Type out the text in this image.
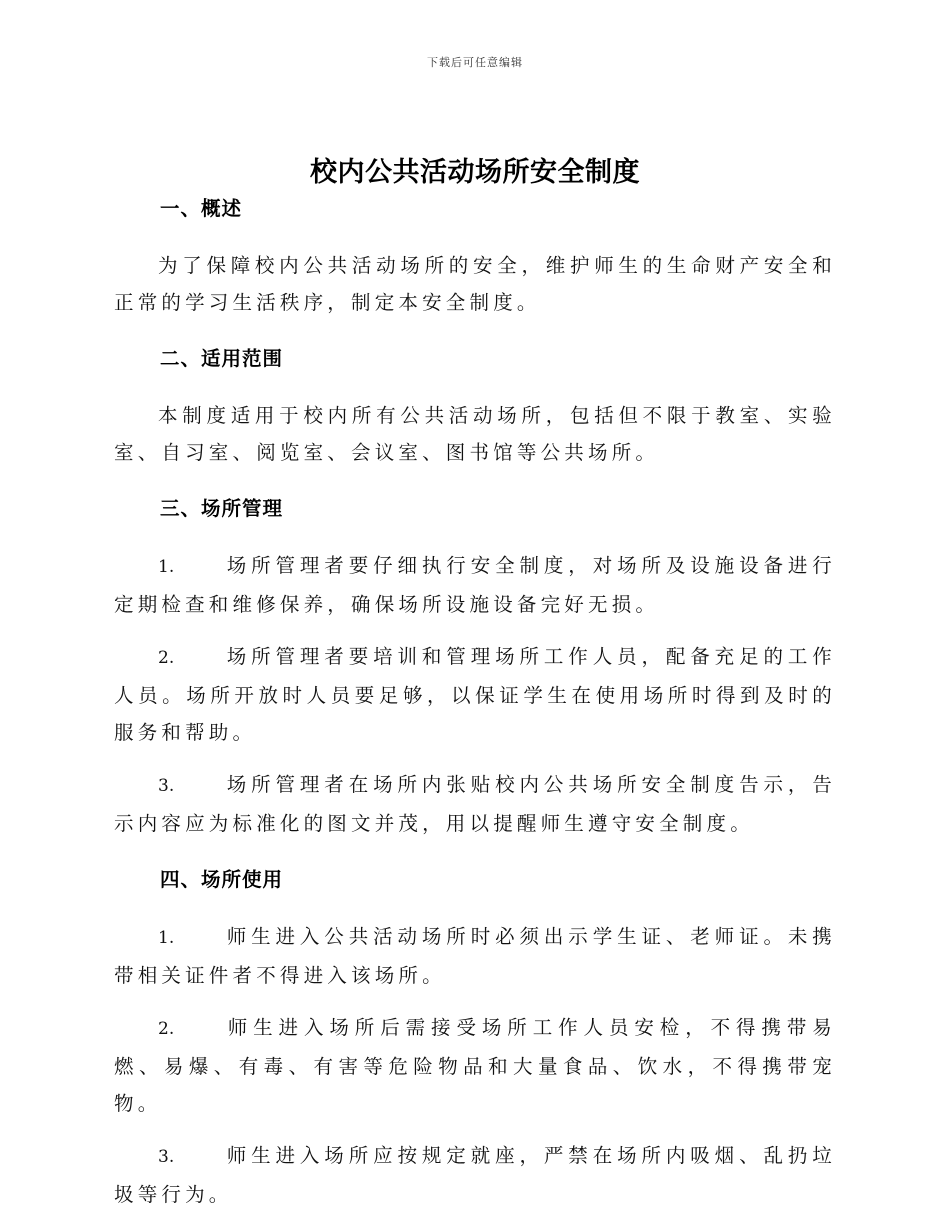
下载后可任意编辑
校内公共活动场所安全制度
一、概述

为了保障校内公共活动场所的安全，维护师生的生命财产安全和正常的学习生活秩序，制定本安全制度。

二、适用范围

本制度适用于校内所有公共活动场所，包括但不限于教室、实验室、自习室、阅览室、会议室、图书馆等公共场所。

三、场所管理

1.	场所管理者要仔细执行安全制度，对场所及设施设备进行定期检查和维修保养，确保场所设施设备完好无损。

2.	场所管理者要培训和管理场所工作人员，配备充足的工作人员。场所开放时人员要足够，以保证学生在使用场所时得到及时的服务和帮助。

3.	场所管理者在场所内张贴校内公共场所安全制度告示，告示内容应为标准化的图文并茂，用以提醒师生遵守安全制度。

四、场所使用

1.	师生进入公共活动场所时必须出示学生证、老师证。未携带相关证件者不得进入该场所。

2.	师生进入场所后需接受场所工作人员安检，不得携带易燃、易爆、有毒、有害等危险物品和大量食品、饮水，不得携带宠物。

3.	师生进入场所应按规定就座，严禁在场所内吸烟、乱扔垃圾等行为。
